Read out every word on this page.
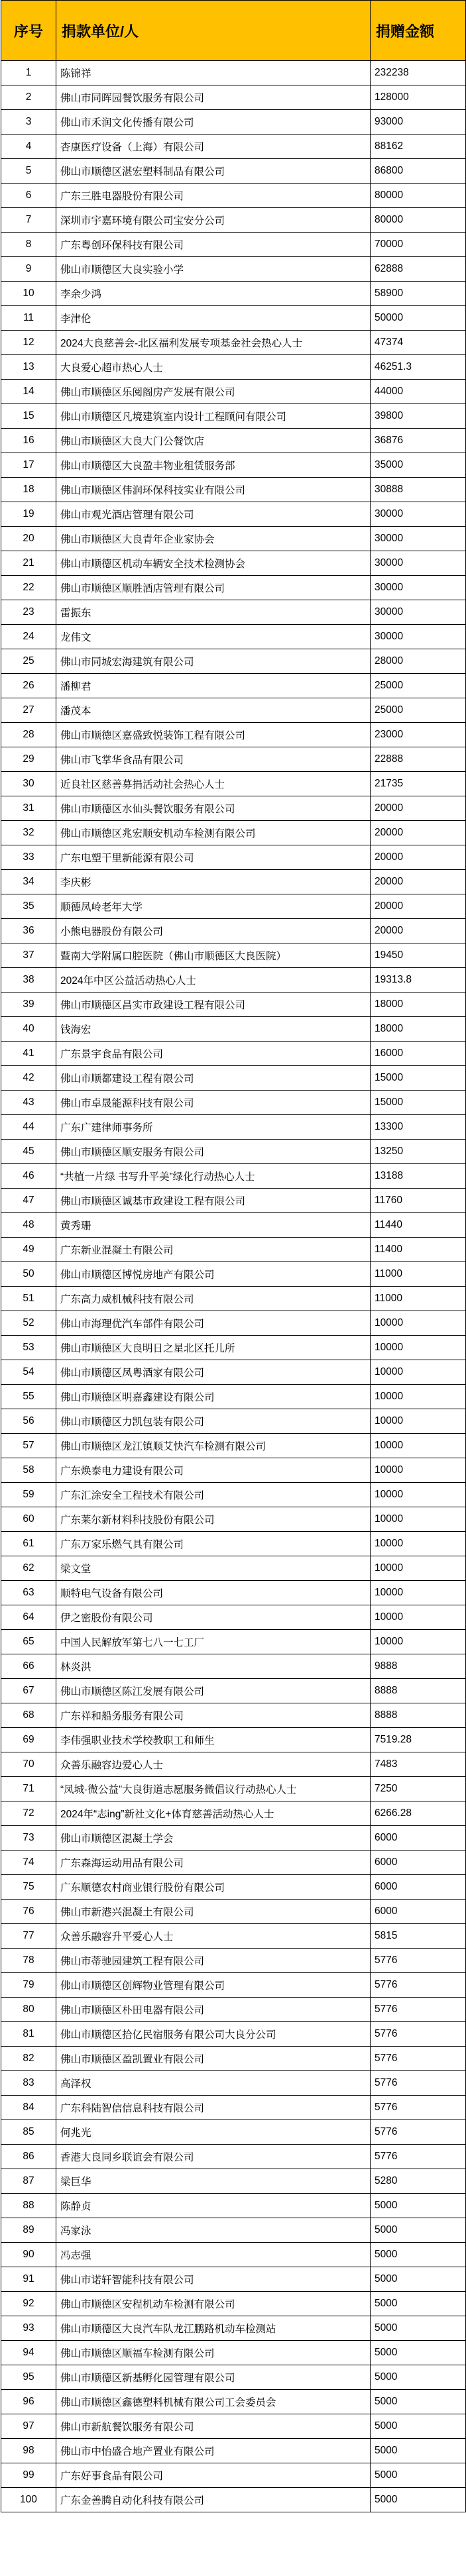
序号	捐款单位/人	捐赠金额
1	陈锦祥	232238
2	佛山市同晖园餐饮服务有限公司	128000
3	佛山市禾润文化传播有限公司	93000
4	杏康医疗设备（上海）有限公司	88162
5	佛山市顺德区湛宏塑料制品有限公司	86800
6	广东三胜电器股份有限公司	80000
7	深圳市宇嘉环境有限公司宝安分公司	80000
8	广东粤创环保科技有限公司	70000
9	佛山市顺德区大良实验小学	62888
10	李余少鸿	58900
11	李津伦	50000
12	2024大良慈善会-北区福利发展专项基金社会热心人士	47374
13	大良爱心超市热心人士	46251.3
14	佛山市顺德区乐阅阁房产发展有限公司	44000
15	佛山市顺德区凡境建筑室内设计工程顾问有限公司	39800
16	佛山市顺德区大良大门公餐饮店	36876
17	佛山市顺德区大良盈丰物业租赁服务部	35000
18	佛山市顺德区伟润环保科技实业有限公司	30888
19	佛山市观光酒店管理有限公司	30000
20	佛山市顺德区大良青年企业家协会	30000
21	佛山市顺德区机动车辆安全技术检测协会	30000
22	佛山市顺德区顺胜酒店管理有限公司	30000
23	雷振东	30000
24	龙伟文	30000
25	佛山市同城宏海建筑有限公司	28000
26	潘柳君	25000
27	潘茂本	25000
28	佛山市顺德区嘉盛致悦装饰工程有限公司	23000
29	佛山市飞掌华食品有限公司	22888
30	近良社区慈善募捐活动社会热心人士	21735
31	佛山市顺德区水仙头餐饮服务有限公司	20000
32	佛山市顺德区兆宏顺安机动车检测有限公司	20000
33	广东电塑干里新能源有限公司	20000
34	李庆彬	20000
35	顺德凤岭老年大学	20000
36	小熊电器股份有限公司	20000
37	暨南大学附属口腔医院（佛山市顺德区大良医院）	19450
38	2024年中区公益活动热心人士	19313.8
39	佛山市顺德区昌实市政建设工程有限公司	18000
40	钱海宏	18000
41	广东景宇食品有限公司	16000
42	佛山市顺都建设工程有限公司	15000
43	佛山市卓晟能源科技有限公司	15000
44	广东广建律师事务所	13300
45	佛山市顺德区顺安服务有限公司	13250
46	“共植一片绿 书写升平美”绿化行动热心人士	13188
47	佛山市顺德区诚基市政建设工程有限公司	11760
48	黄秀珊	11440
49	广东新业混凝土有限公司	11400
50	佛山市顺德区博悦房地产有限公司	11000
51	广东高力威机械科技有限公司	11000
52	佛山市海理优汽车部件有限公司	10000
53	佛山市顺德区大良明日之星北区托儿所	10000
54	佛山市顺德区凤粤酒家有限公司	10000
55	佛山市顺德区明嘉鑫建设有限公司	10000
56	佛山市顺德区力凯包装有限公司	10000
57	佛山市顺德区龙江镇顺艾快汽车检测有限公司	10000
58	广东焕泰电力建设有限公司	10000
59	广东汇涂安全工程技术有限公司	10000
60	广东莱尔新材料科技股份有限公司	10000
61	广东万家乐燃气具有限公司	10000
62	梁文堂	10000
63	顺特电气设备有限公司	10000
64	伊之密股份有限公司	10000
65	中国人民解放军第七八一七工厂	10000
66	林炎洪	9888
67	佛山市顺德区陈江发展有限公司	8888
68	广东祥和船务服务有限公司	8888
69	李伟强职业技术学校教职工和师生	7519.28
70	众善乐融容边爱心人士	7483
71	“凤城·微公益”大良街道志愿服务微倡议行动热心人士	7250
72	2024年“志ing”新社文化+体育慈善活动热心人士	6266.28
73	佛山市顺德区混凝土学会	6000
74	广东森海运动用品有限公司	6000
75	广东顺德农村商业银行股份有限公司	6000
76	佛山市新港兴混凝土有限公司	6000
77	众善乐融容升平爱心人士	5815
78	佛山市蒂驰园建筑工程有限公司	5776
79	佛山市顺德区创辉物业管理有限公司	5776
80	佛山市顺德区朴田电器有限公司	5776
81	佛山市顺德区拾亿民宿服务有限公司大良分公司	5776
82	佛山市顺德区盈凯置业有限公司	5776
83	高泽权	5776
84	广东科陆智信信息科技有限公司	5776
85	何兆光	5776
86	香港大良同乡联谊会有限公司	5776
87	梁巨华	5280
88	陈静贞	5000
89	冯家泳	5000
90	冯志强	5000
91	佛山市诺轩智能科技有限公司	5000
92	佛山市顺德区安程机动车检测有限公司	5000
93	佛山市顺德区大良汽车队龙江鹏路机动车检测站	5000
94	佛山市顺德区顺福车检测有限公司	5000
95	佛山市顺德区新基孵化园管理有限公司	5000
96	佛山市顺德区鑫德塑料机械有限公司工会委员会	5000
97	佛山市新航餐饮服务有限公司	5000
98	佛山市中怡盛合地产置业有限公司	5000
99	广东好事食品有限公司	5000
100	广东金善腾自动化科技有限公司	5000
